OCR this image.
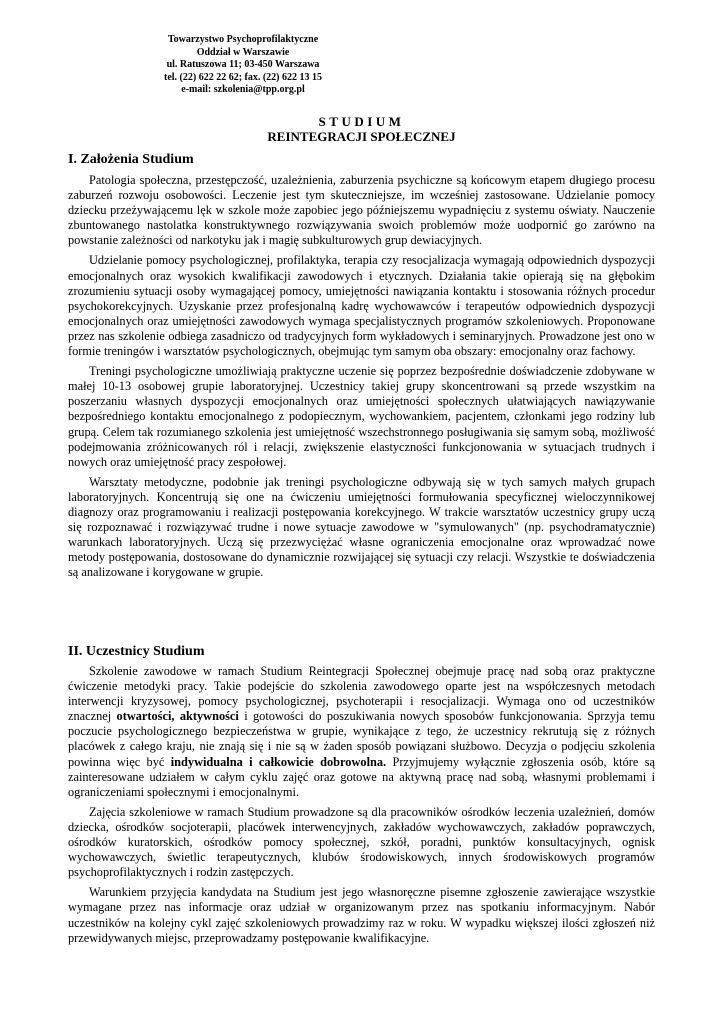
Towarzystwo Psychoprofilaktyczne
Oddział w Warszawie
ul. Ratuszowa 11; 03-450 Warszawa
tel. (22) 622 22 62; fax. (22) 622 13 15
e-mail: szkolenia@tpp.org.pl
STUDIUM
REINTEGRACJI SPOŁECZNEJ
I. Założenia Studium

Patologia społeczna, przestępczość, uzależnienia, zaburzenia psychiczne są końcowym etapem długiego procesu zaburzeń rozwoju osobowości. Leczenie jest tym skuteczniejsze, im wcześniej zastosowane. Udzielanie pomocy dziecku przeżywającemu lęk w szkole może zapobiec jego późniejszemu wypadnięciu z systemu oświaty. Nauczenie zbuntowanego nastolatka konstruktywnego rozwiązywania swoich problemów może uodpornić go zarówno na powstanie zależności od narkotyku jak i magię subkulturowych grup dewiacyjnych.

Udzielanie pomocy psychologicznej, profilaktyka, terapia czy resocjalizacja wymagają odpowiednich dyspozycji emocjonalnych oraz wysokich kwalifikacji zawodowych i etycznych. Działania takie opierają się na głębokim zrozumieniu sytuacji osoby wymagającej pomocy, umiejętności nawiązania kontaktu i stosowania różnych procedur psychokorekcyjnych. Uzyskanie przez profesjonalną kadrę wychowawców i terapeutów odpowiednich dyspozycji emocjonalnych oraz umiejętności zawodowych wymaga specjalistycznych programów szkoleniowych. Proponowane przez nas szkolenie odbiega zasadniczo od tradycyjnych form wykładowych i seminaryjnych. Prowadzone jest ono w formie treningów i warsztatów psychologicznych, obejmując tym samym oba obszary: emocjonalny oraz fachowy.

Treningi psychologiczne umożliwiają praktyczne uczenie się poprzez bezpośrednie doświadczenie zdobywane w małej 10-13 osobowej grupie laboratoryjnej. Uczestnicy takiej grupy skoncentrowani są przede wszystkim na poszerzaniu własnych dyspozycji emocjonalnych oraz umiejętności społecznych ułatwiających nawiązywanie bezpośredniego kontaktu emocjonalnego z podopiecznym, wychowankiem, pacjentem, członkami jego rodziny lub grupą. Celem tak rozumianego szkolenia jest umiejętność wszechstronnego posługiwania się samym sobą, możliwość podejmowania zróżnicowanych ról i relacji, zwiększenie elastyczności funkcjonowania w sytuacjach trudnych i nowych oraz umiejętność pracy zespołowej.

Warsztaty metodyczne, podobnie jak treningi psychologiczne odbywają się w tych samych małych grupach laboratoryjnych. Koncentrują się one na ćwiczeniu umiejętności formułowania specyficznej wieloczynnikowej diagnozy oraz programowaniu i realizacji postępowania korekcyjnego. W trakcie warsztatów uczestnicy grupy uczą się rozpoznawać i rozwiązywać trudne i nowe sytuacje zawodowe w "symulowanych" (np. psychodramatycznie) warunkach laboratoryjnych. Uczą się przezwyciężać własne ograniczenia emocjonalne oraz wprowadzać nowe metody postępowania, dostosowane do dynamicznie rozwijającej się sytuacji czy relacji. Wszystkie te doświadczenia są analizowane i korygowane w grupie.

II. Uczestnicy Studium

Szkolenie zawodowe w ramach Studium Reintegracji Społecznej obejmuje pracę nad sobą oraz praktyczne ćwiczenie metodyki pracy. Takie podejście do szkolenia zawodowego oparte jest na współczesnych metodach interwencji kryzysowej, pomocy psychologicznej, psychoterapii i resocjalizacji. Wymaga ono od uczestników znacznej otwartości, aktywności i gotowości do poszukiwania nowych sposobów funkcjonowania. Sprzyja temu poczucie psychologicznego bezpieczeństwa w grupie, wynikające z tego, że uczestnicy rekrutują się z różnych placówek z całego kraju, nie znają się i nie są w żaden sposób powiązani służbowo. Decyzja o podjęciu szkolenia powinna więc być indywidualna i całkowicie dobrowolna. Przyjmujemy wyłącznie zgłoszenia osób, które są zainteresowane udziałem w całym cyklu zajęć oraz gotowe na aktywną pracę nad sobą, własnymi problemami i ograniczeniami społecznymi i emocjonalnymi.

Zajęcia szkoleniowe w ramach Studium prowadzone są dla pracowników ośrodków leczenia uzależnień, domów dziecka, ośrodków socjoterapii, placówek interwencyjnych, zakładów wychowawczych, zakładów poprawczych, ośrodków kuratorskich, ośrodków pomocy społecznej, szkół, poradni, punktów konsultacyjnych, ognisk wychowawczych, świetlic terapeutycznych, klubów środowiskowych, innych środowiskowych programów psychoprofilaktycznych i rodzin zastępczych.

Warunkiem przyjęcia kandydata na Studium jest jego własnoręczne pisemne zgłoszenie zawierające wszystkie wymagane przez nas informacje oraz udział w organizowanym przez nas spotkaniu informacyjnym. Nabór uczestników na kolejny cykl zajęć szkoleniowych prowadzimy raz w roku. W wypadku większej ilości zgłoszeń niż przewidywanych miejsc, przeprowadzamy postępowanie kwalifikacyjne.
